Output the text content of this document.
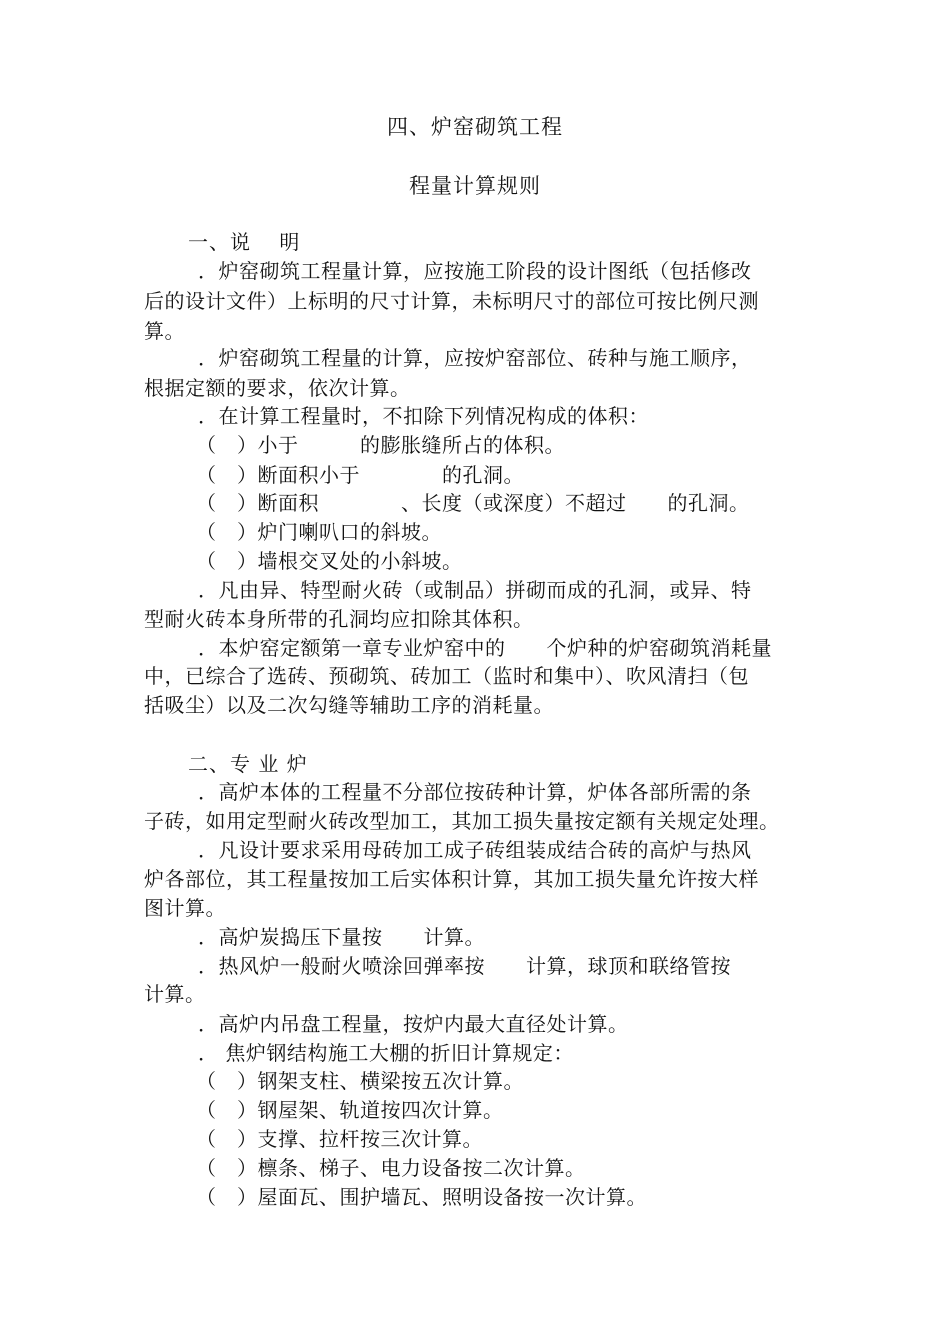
四、炉窑砌筑工程
程量计算规则
一、说　 明
．炉窑砌筑工程量计算，应按施工阶段的设计图纸（包括修改
后的设计文件）上标明的尺寸计算，未标明尺寸的部位可按比例尺测
算。
．炉窑砌筑工程量的计算，应按炉窑部位、砖种与施工顺序，
根据定额的要求，依次计算。
．在计算工程量时，不扣除下列情况构成的体积：
（　）小于　　　的膨胀缝所占的体积。
（　）断面积小于　　　　的孔洞。
（　）断面积　　　　、长度（或深度）不超过　　的孔洞。
（　）炉门喇叭口的斜坡。
（　）墙根交叉处的小斜坡。
．凡由异、特型耐火砖（或制品）拼砌而成的孔洞，或异、特
型耐火砖本身所带的孔洞均应扣除其体积。
．本炉窑定额第一章专业炉窑中的　　个炉种的炉窑砌筑消耗量
中，已综合了选砖、预砌筑、砖加工（监时和集中）、吹风清扫（包
括吸尘）以及二次勾缝等辅助工序的消耗量。
二、专 业 炉
．高炉本体的工程量不分部位按砖种计算，炉体各部所需的条
子砖，如用定型耐火砖改型加工，其加工损失量按定额有关规定处理。
．凡设计要求采用母砖加工成子砖组装成结合砖的高炉与热风
炉各部位，其工程量按加工后实体积计算，其加工损失量允许按大样
图计算。
．高炉炭捣压下量按　　计算。
．热风炉一般耐火喷涂回弹率按　　计算，球顶和联络管按
计算。
．高炉内吊盘工程量，按炉内最大直径处计算。
． 焦炉钢结构施工大棚的折旧计算规定：
（　）钢架支柱、横梁按五次计算。
（　）钢屋架、轨道按四次计算。
（　）支撑、拉杆按三次计算。
（　）檩条、梯子、电力设备按二次计算。
（　）屋面瓦、围护墙瓦、照明设备按一次计算。
